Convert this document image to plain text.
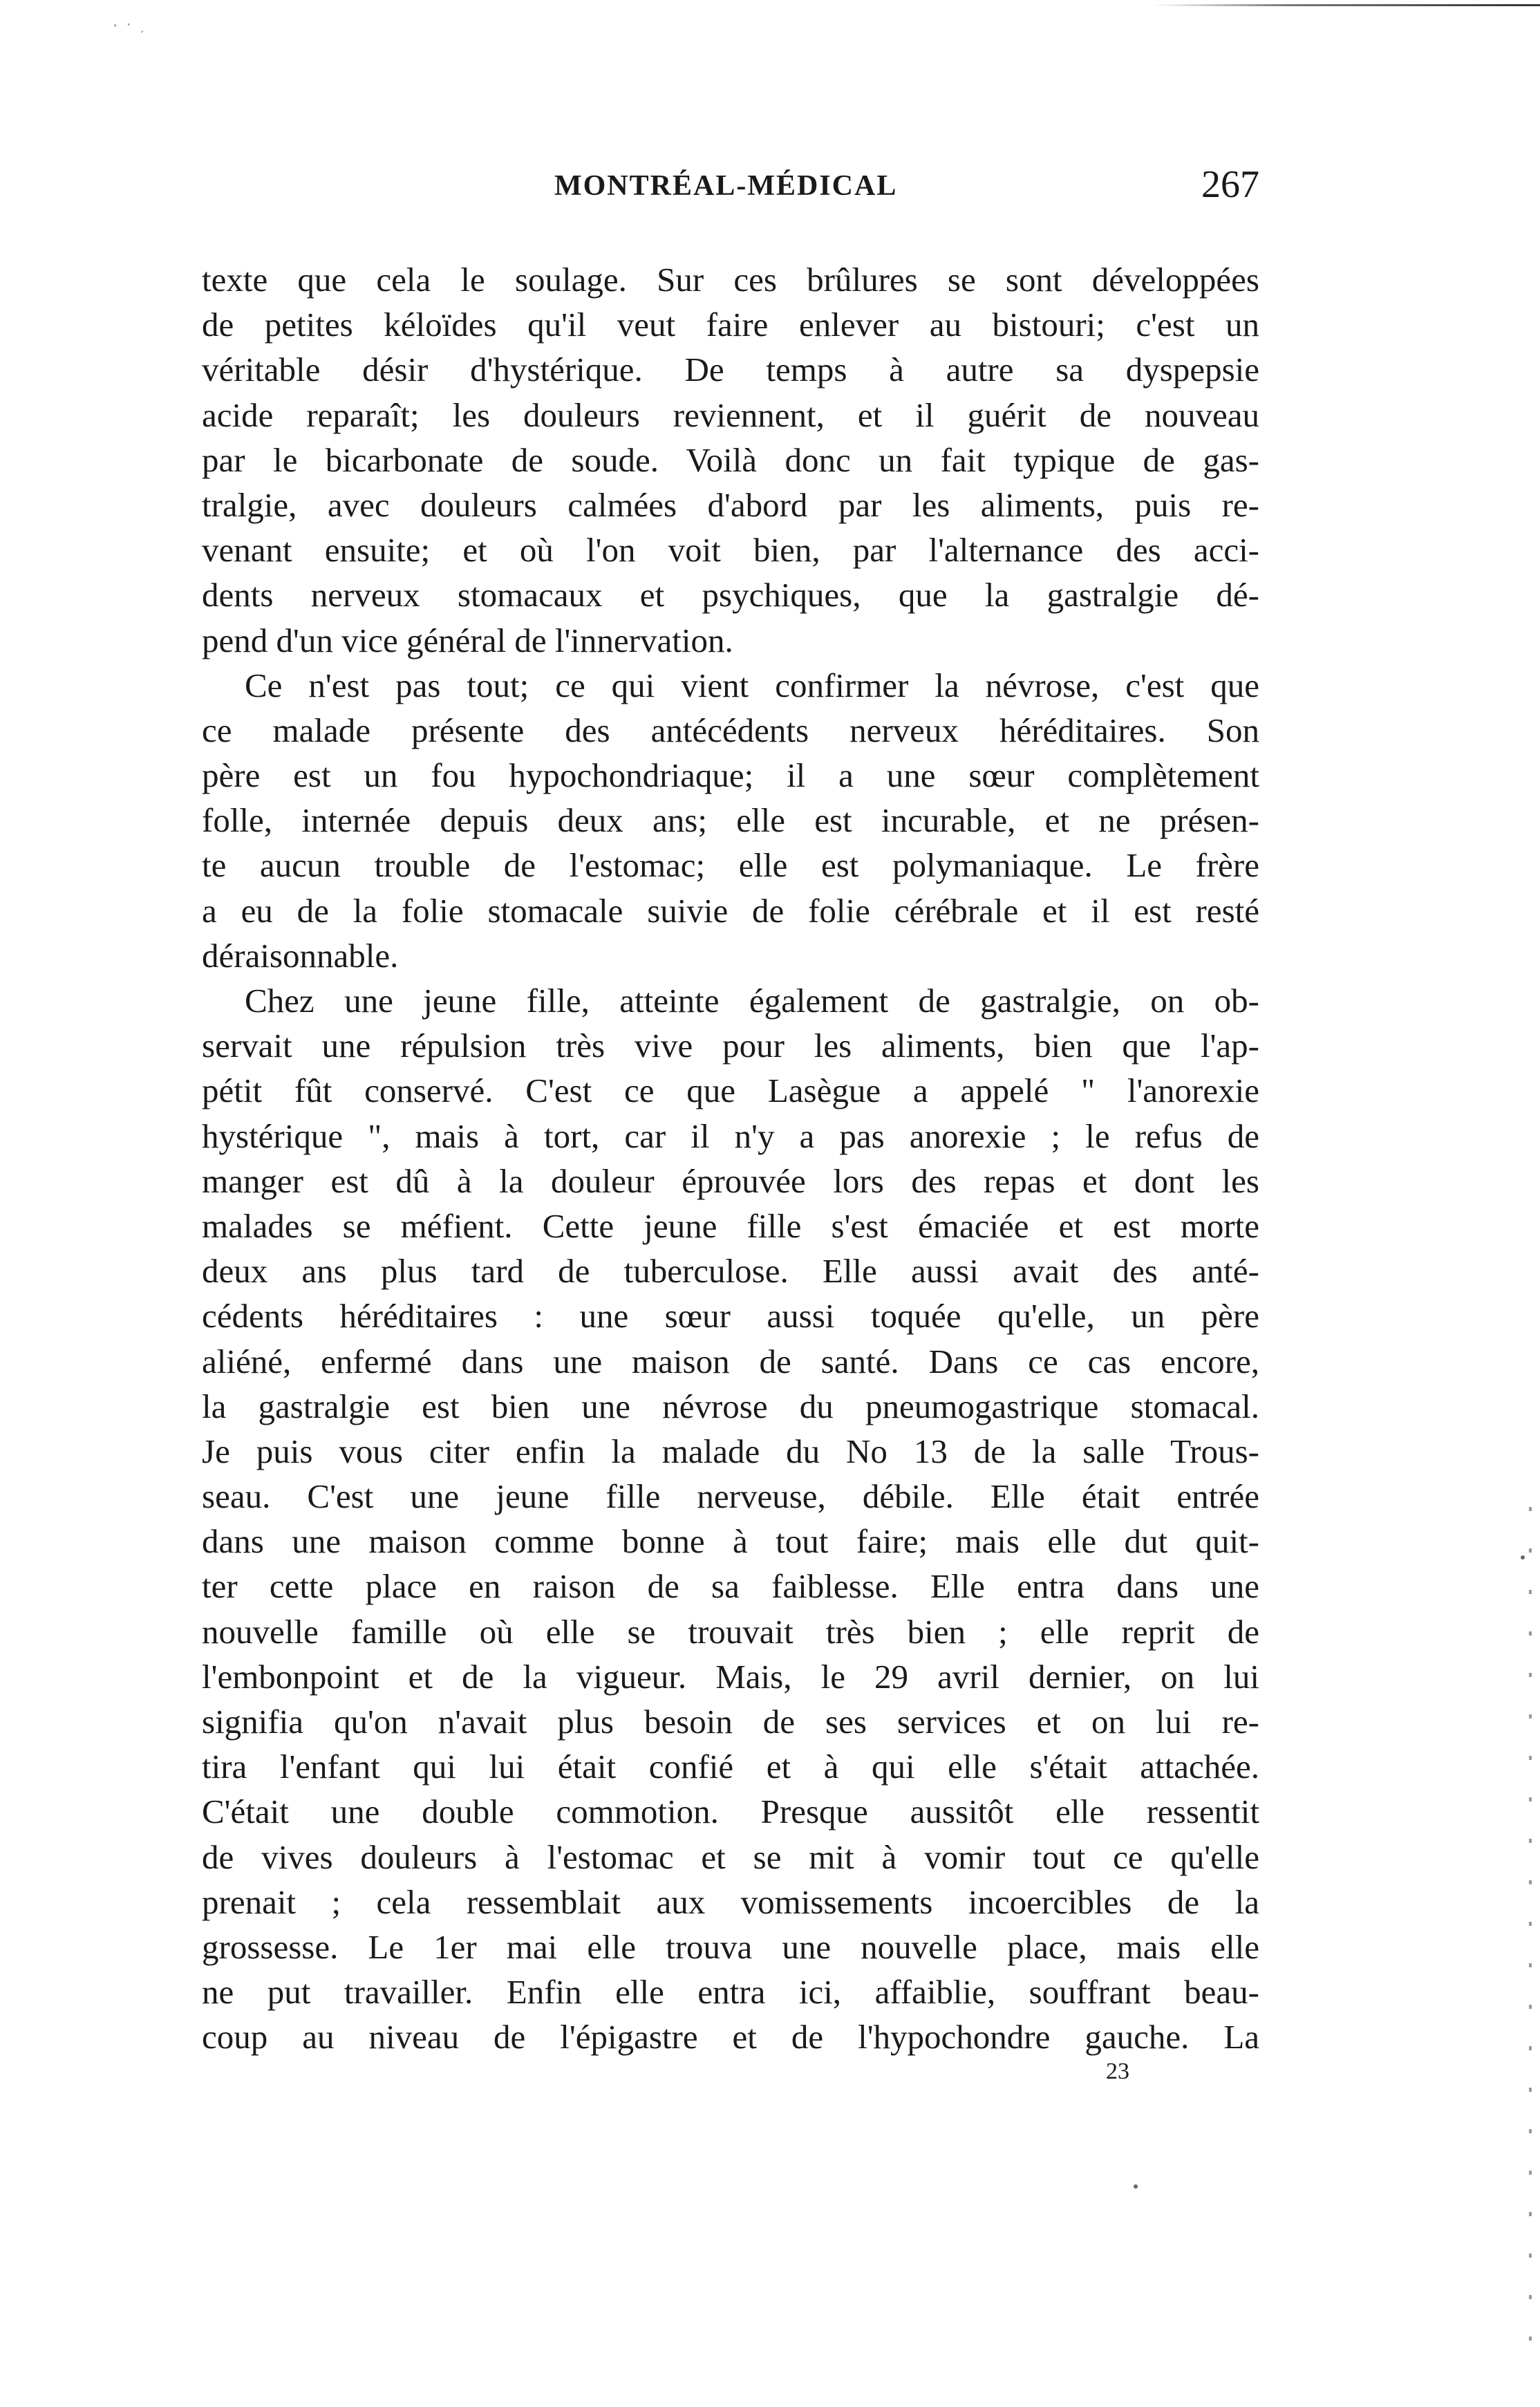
·⸱ˏ
MONTRÉAL-MÉDICAL	267
texte que cela le soulage. Sur ces brûlures se sont développées
de petites kéloïdes qu'il veut faire enlever au bistouri; c'est un
véritable désir d'hystérique. De temps à autre sa dyspepsie
acide reparaît; les douleurs reviennent, et il guérit de nouveau
par le bicarbonate de soude. Voilà donc un fait typique de gas-
tralgie, avec douleurs calmées d'abord par les aliments, puis re-
venant ensuite; et où l'on voit bien, par l'alternance des acci-
dents nerveux stomacaux et psychiques, que la gastralgie dé-
pend d'un vice général de l'innervation.
Ce n'est pas tout; ce qui vient confirmer la névrose, c'est que
ce malade présente des antécédents nerveux héréditaires. Son
père est un fou hypochondriaque; il a une sœur complètement
folle, internée depuis deux ans; elle est incurable, et ne présen-
te aucun trouble de l'estomac; elle est polymaniaque. Le frère
a eu de la folie stomacale suivie de folie cérébrale et il est resté
déraisonnable.
Chez une jeune fille, atteinte également de gastralgie, on ob-
servait une répulsion très vive pour les aliments, bien que l'ap-
pétit fût conservé. C'est ce que Lasègue a appelé " l'anorexie
hystérique ", mais à tort, car il n'y a pas anorexie ; le refus de
manger est dû à la douleur éprouvée lors des repas et dont les
malades se méfient. Cette jeune fille s'est émaciée et est morte
deux ans plus tard de tuberculose. Elle aussi avait des anté-
cédents héréditaires : une sœur aussi toquée qu'elle, un père
aliéné, enfermé dans une maison de santé. Dans ce cas encore,
la gastralgie est bien une névrose du pneumogastrique stomacal.
Je puis vous citer enfin la malade du No 13 de la salle Trous-
seau. C'est une jeune fille nerveuse, débile. Elle était entrée
dans une maison comme bonne à tout faire; mais elle dut quit-
ter cette place en raison de sa faiblesse. Elle entra dans une
nouvelle famille où elle se trouvait très bien ; elle reprit de
l'embonpoint et de la vigueur. Mais, le 29 avril dernier, on lui
signifia qu'on n'avait plus besoin de ses services et on lui re-
tira l'enfant qui lui était confié et à qui elle s'était attachée.
C'était une double commotion. Presque aussitôt elle ressentit
de vives douleurs à l'estomac et se mit à vomir tout ce qu'elle
prenait ; cela ressemblait aux vomissements incoercibles de la
grossesse. Le 1er mai elle trouva une nouvelle place, mais elle
ne put travailler. Enfin elle entra ici, affaiblie, souffrant beau-
coup au niveau de l'épigastre et de l'hypochondre gauche. La
23
